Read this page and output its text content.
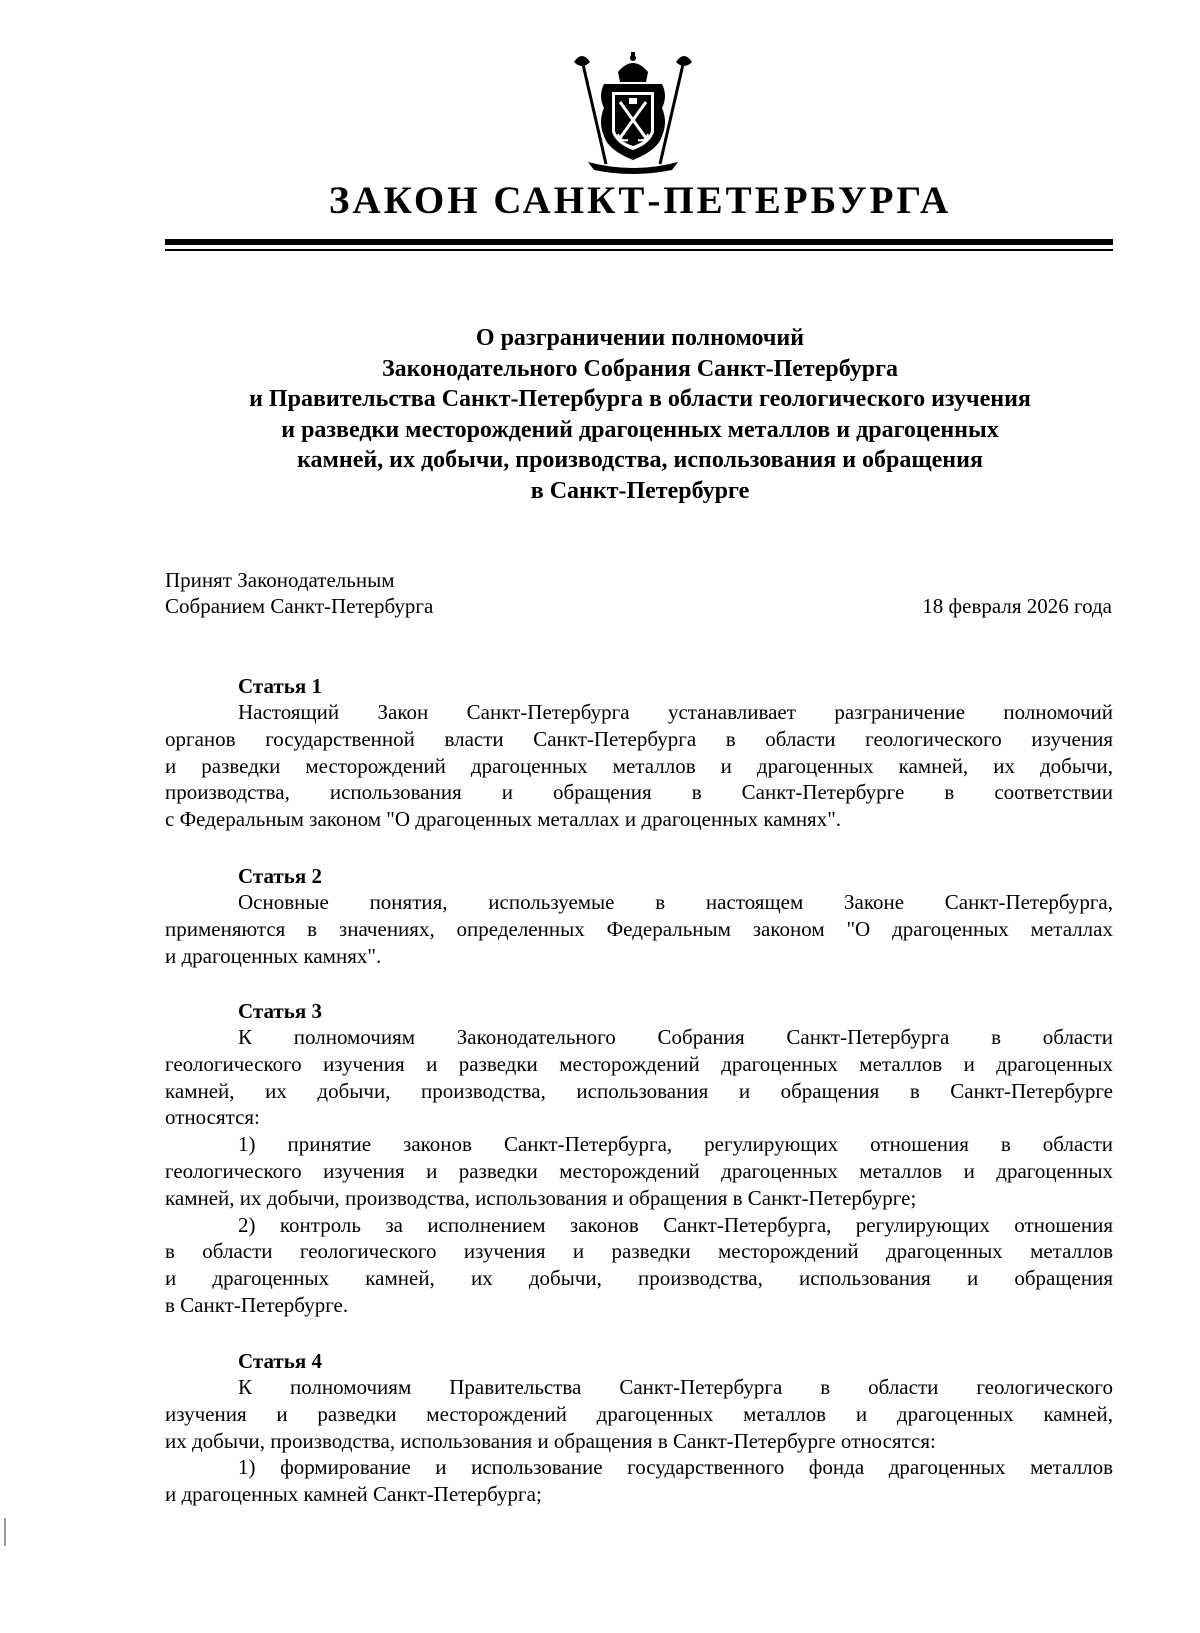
ЗАКОН САНКТ-ПЕТЕРБУРГА
О разграничении полномочий
Законодательного Собрания Санкт-Петербурга
и Правительства Санкт-Петербурга в области геологического изучения
и разведки месторождений драгоценных металлов и драгоценных
камней, их добычи, производства, использования и обращения
в Санкт-Петербурге
Принят Законодательным
Собранием Санкт-Петербурга	18 февраля 2026 года
Статья 1
Настоящий Закон Санкт-Петербурга устанавливает разграничение полномочий
органов государственной власти Санкт-Петербурга в области геологического изучения
и разведки месторождений драгоценных металлов и драгоценных камней, их добычи,
производства, использования и обращения в Санкт-Петербурге в соответствии
с Федеральным законом "О драгоценных металлах и драгоценных камнях".
Статья 2
Основные понятия, используемые в настоящем Законе Санкт-Петербурга,
применяются в значениях, определенных Федеральным законом "О драгоценных металлах
и драгоценных камнях".
Статья 3
К полномочиям Законодательного Собрания Санкт-Петербурга в области
геологического изучения и разведки месторождений драгоценных металлов и драгоценных
камней, их добычи, производства, использования и обращения в Санкт-Петербурге
относятся:
1) принятие законов Санкт-Петербурга, регулирующих отношения в области
геологического изучения и разведки месторождений драгоценных металлов и драгоценных
камней, их добычи, производства, использования и обращения в Санкт-Петербурге;
2) контроль за исполнением законов Санкт-Петербурга, регулирующих отношения
в области геологического изучения и разведки месторождений драгоценных металлов
и драгоценных камней, их добычи, производства, использования и обращения
в Санкт-Петербурге.
Статья 4
К полномочиям Правительства Санкт-Петербурга в области геологического
изучения и разведки месторождений драгоценных металлов и драгоценных камней,
их добычи, производства, использования и обращения в Санкт-Петербурге относятся:
1) формирование и использование государственного фонда драгоценных металлов
и драгоценных камней Санкт-Петербурга;
